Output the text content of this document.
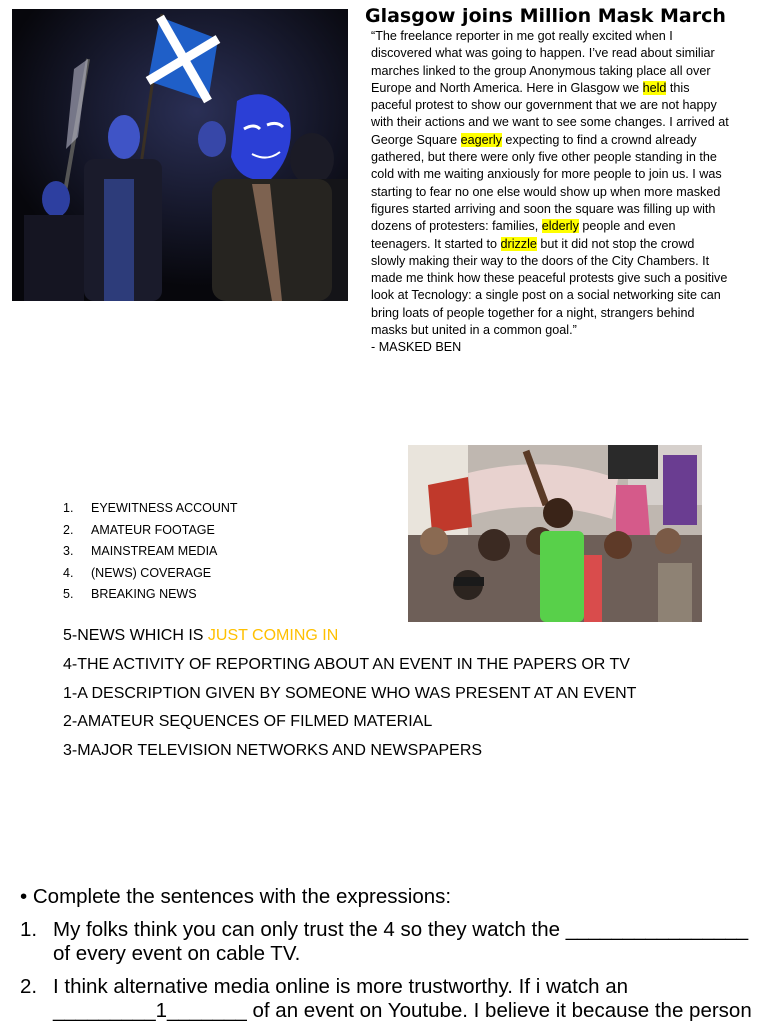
Glasgow joins Million Mask March
“The freelance reporter in me got really excited when I
discovered what was going to happen. I’ve read about similiar
marches linked to the group Anonymous taking place all over
Europe and North America. Here in Glasgow we held this
paceful protest to show our government that we are not happy
with their actions and we want to see some changes. I arrived at
George Square eagerly expecting to find a crownd already
gathered, but there were only five other people standing in the
cold with me waiting anxiously for more people to join us. I was
starting to fear no one else would show up when more masked
figures started arriving and soon the square was filling up with
dozens of protesters: families, elderly people and even
teenagers. It started to drizzle but it did not stop the crowd
slowly making their way to the doors of the City Chambers. It
made me think how these peaceful protests give such a positive
look at Tecnology: a single post on a social networking site can
bring loats of people together for a night, strangers behind
masks but united in a common goal.”
- MASKED BEN
1. EYEWITNESS ACCOUNT
2. AMATEUR FOOTAGE
3. MAINSTREAM MEDIA
4. (NEWS) COVERAGE
5. BREAKING NEWS
5-NEWS WHICH IS JUST COMING IN
4-THE ACTIVITY OF REPORTING ABOUT AN EVENT IN THE PAPERS OR TV
1-A DESCRIPTION GIVEN BY SOMEONE WHO WAS PRESENT AT AN EVENT
2-AMATEUR SEQUENCES OF FILMED MATERIAL
3-MAJOR TELEVISION NETWORKS AND NEWSPAPERS
• Complete the sentences with the expressions:
1. My folks think you can only trust the 4 so they watch the ________________
of every event on cable TV.
2. I think alternative media online is more trustworthy. If i watch an
_________1_______ of an event on Youtube. I believe it because the person
